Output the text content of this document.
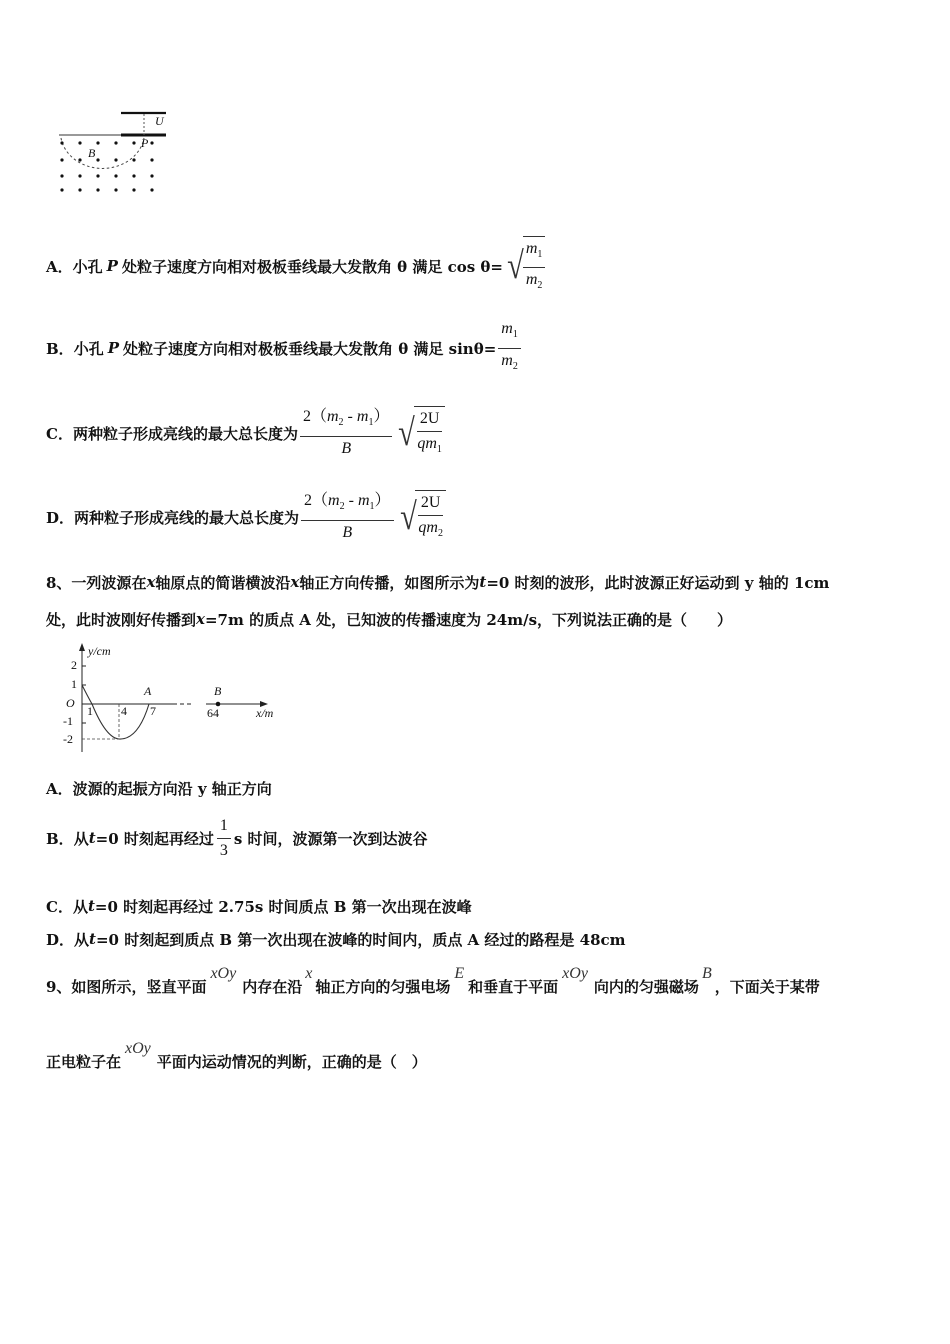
U
B
P
A． 小孔 P 处粒子速度方向相对极板垂线最大发散角 θ 满足 cos θ= √ $\frac{m_1}{m_2}$
B． 小孔 P 处粒子速度方向相对极板垂线最大发散角 θ 满足 $\sin\theta= \frac{m_1}{m_2}$
C． 两种粒子形成亮线的最大总长度为 $\frac{2(m_2 - m_1)}{B}$ √ $\frac{2U}{qm_1}$
D． 两种粒子形成亮线的最大总长度为 $\frac{2(m_2 - m_1)}{B}$ √ $\frac{2U}{qm_2}$
8、一列波源在 x 轴原点的简谐横波沿 x 轴正方向传播，如图所示为 t =0 时刻的波形，此时波源正好运动到 y 轴的 1cm
处，此时波刚好传播到 x =7m 的质点 A 处，已知波的传播速度为 24m/s，下列说法正确的是（　　）
y/cm
O
2
1
-1
-2
1 4 7
A	B
64	x/m
A． 波源的起振方向沿 y 轴正方向
B． 从 t =0 时刻起再经过 $\frac{1}{3}$ s 时间，波源第一次到达波谷
C． 从 t =0 时刻起再经过 2.75s 时间质点 B 第一次出现在波峰
D． 从 t =0 时刻起到质点 B 第一次出现在波峰的时间内，质点 A 经过的路程是 48cm
9、如图所示，竖直平面
xOy
内存在沿
x
轴正方向的匀强电场
E
和垂直于平面
xOy
向内的匀强磁场
B
，下面关于某带
正电粒子在
xOy
平面内运动情况的判断，正确的是（　）
